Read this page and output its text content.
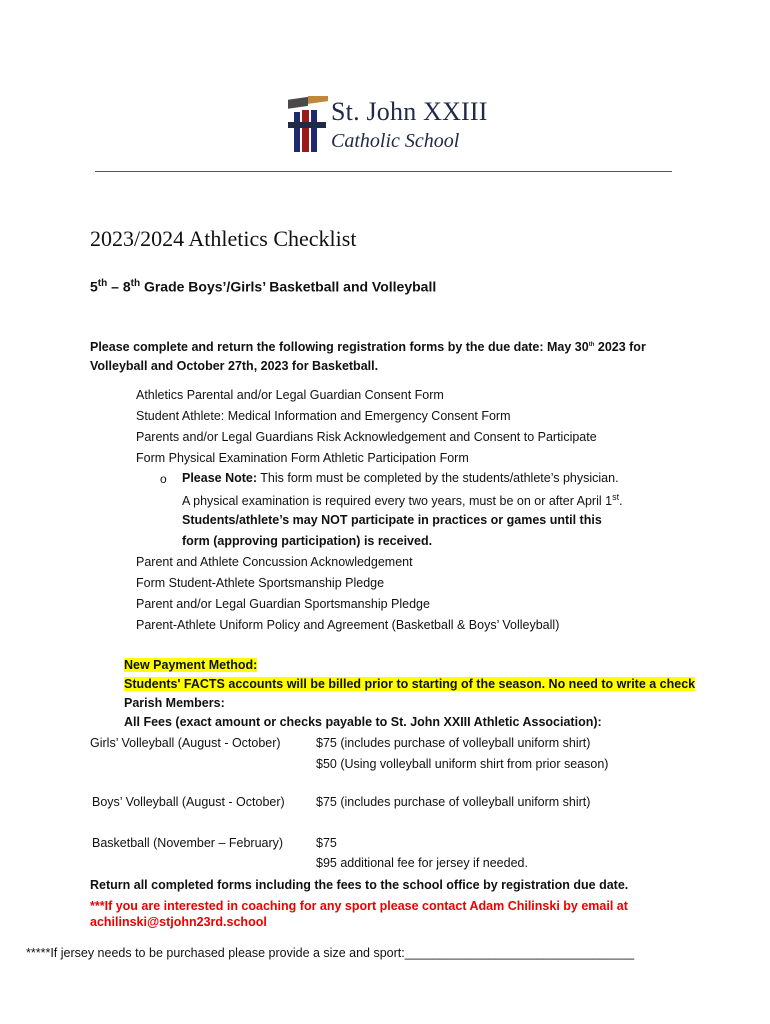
St. John XXIII
Catholic School
2023/2024 Athletics Checklist
5th – 8th Grade Boys’/Girls’ Basketball and Volleyball
Please complete and return the following registration forms by the due date: May 30th 2023 for
Volleyball and October 27th, 2023 for Basketball.
Athletics Parental and/or Legal Guardian Consent Form
Student Athlete: Medical Information and Emergency Consent Form
Parents and/or Legal Guardians Risk Acknowledgement and Consent to Participate
Form Physical Examination Form Athletic Participation Form
o Please Note: This form must be completed by the students/athlete’s physician.
A physical examination is required every two years, must be on or after April 1st.
Students/athlete’s may NOT participate in practices or games until this
form (approving participation) is received.
Parent and Athlete Concussion Acknowledgement
Form Student-Athlete Sportsmanship Pledge
Parent and/or Legal Guardian Sportsmanship Pledge
Parent-Athlete Uniform Policy and Agreement (Basketball & Boys’ Volleyball)
New Payment Method:
Students' FACTS accounts will be billed prior to starting of the season. No need to write a check
Parish Members:
All Fees (exact amount or checks payable to St. John XXIII Athletic Association):
Girls’ Volleyball (August - October)	$75 (includes purchase of volleyball uniform shirt)
$50 (Using volleyball uniform shirt from prior season)
Boys’ Volleyball (August - October)	$75 (includes purchase of volleyball uniform shirt)
Basketball (November – February)	$75
$95 additional fee for jersey if needed.
Return all completed forms including the fees to the school office by registration due date.
***If you are interested in coaching for any sport please contact Adam Chilinski by email at
achilinski@stjohn23rd.school
*****If jersey needs to be purchased please provide a size and sport:_________________________________
